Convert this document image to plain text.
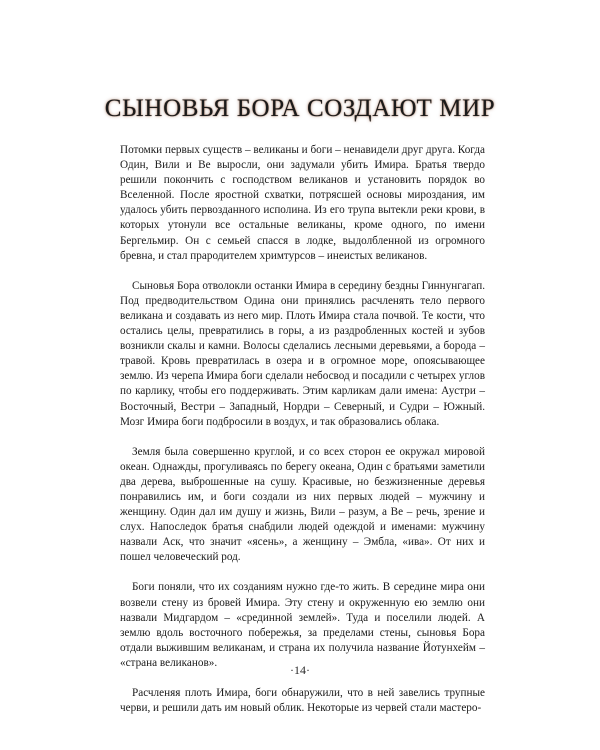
СЫНОВЬЯ БОРА СОЗДАЮТ МИР

Потомки первых существ – великаны и боги – ненавидели друг друга. Когда Один, Вили и Ве выросли, они задумали убить Имира. Братья твердо решили покончить с господством великанов и установить порядок во Вселенной. После яростной схватки, потрясшей основы мироздания, им удалось убить первозданного исполина. Из его трупа вытекли реки крови, в которых утонули все остальные великаны, кроме одного, по имени Бергельмир. Он с семьей спасся в лодке, выдолбленной из огромного бревна, и стал прародителем хримтурсов – инеистых великанов.

Сыновья Бора отволокли останки Имира в середину бездны Гиннунгагап. Под предводительством Одина они принялись расчленять тело первого великана и создавать из него мир. Плоть Имира стала почвой. Те кости, что остались целы, превратились в горы, а из раздробленных костей и зубов возникли скалы и камни. Волосы сделались лесными деревьями, а борода – травой. Кровь превратилась в озера и в огромное море, опоясывающее землю. Из черепа Имира боги сделали небосвод и посадили с четырех углов по карлику, чтобы его поддерживать. Этим карликам дали имена: Аустри – Восточный, Вестри – Западный, Нордри – Северный, и Судри – Южный. Мозг Имира боги подбросили в воздух, и так образовались облака.

Земля была совершенно круглой, и со всех сторон ее окружал мировой океан. Однажды, прогуливаясь по берегу океана, Один с братьями заметили два дерева, выброшенные на сушу. Красивые, но безжизненные деревья понравились им, и боги создали из них первых людей – мужчину и женщину. Один дал им душу и жизнь, Вили – разум, а Ве – речь, зрение и слух. Напоследок братья снабдили людей одеждой и именами: мужчину назвали Аск, что значит «ясень», а женщину – Эмбла, «ива». От них и пошел человеческий род.

Боги поняли, что их созданиям нужно где-то жить. В середине мира они возвели стену из бровей Имира. Эту стену и окруженную ею землю они назвали Мидгардом – «срединной землей». Туда и поселили людей. А землю вдоль восточного побережья, за пределами стены, сыновья Бора отдали выжившим великанам, и страна их получила название Йотунхейм – «страна великанов».

Расчленяя плоть Имира, боги обнаружили, что в ней завелись трупные черви, и решили дать им новый облик. Некоторые из червей стали мастеро-

·14·
